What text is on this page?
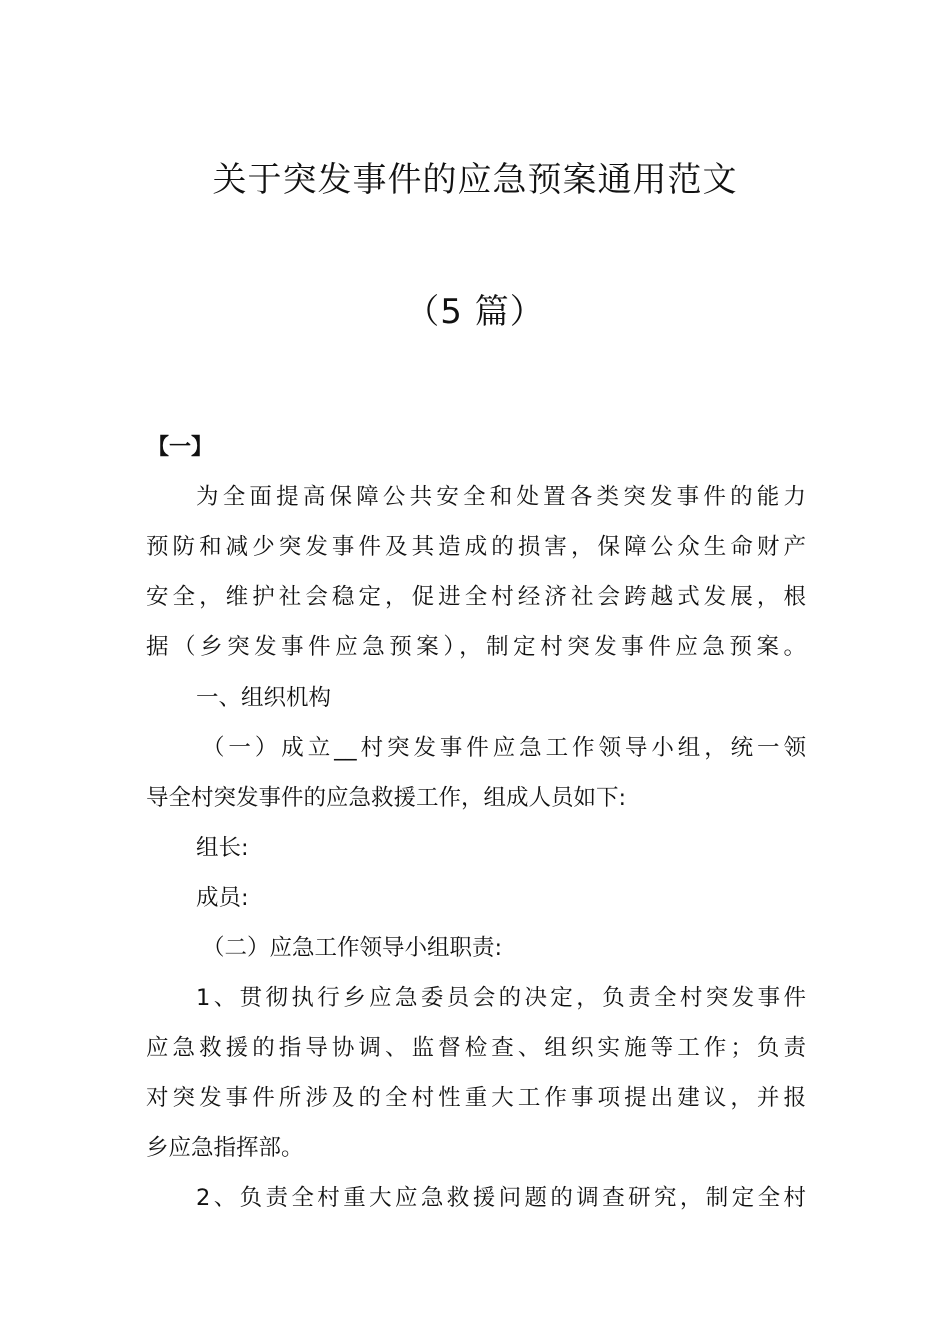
关于突发事件的应急预案通用范文
（5 篇）
【一】
为全面提高保障公共安全和处置各类突发事件的能力
预防和减少突发事件及其造成的损害，保障公众生命财产
安全，维护社会稳定，促进全村经济社会跨越式发展，根
据（乡突发事件应急预案），制定村突发事件应急预案。
一、组织机构
（一）成立__村突发事件应急工作领导小组，统一领
导全村突发事件的应急救援工作，组成人员如下:
组长:
成员:
（二）应急工作领导小组职责:
1、贯彻执行乡应急委员会的决定，负责全村突发事件
应急救援的指导协调、监督检查、组织实施等工作；负责
对突发事件所涉及的全村性重大工作事项提出建议，并报
乡应急指挥部。
2、负责全村重大应急救援问题的调查研究，制定全村
